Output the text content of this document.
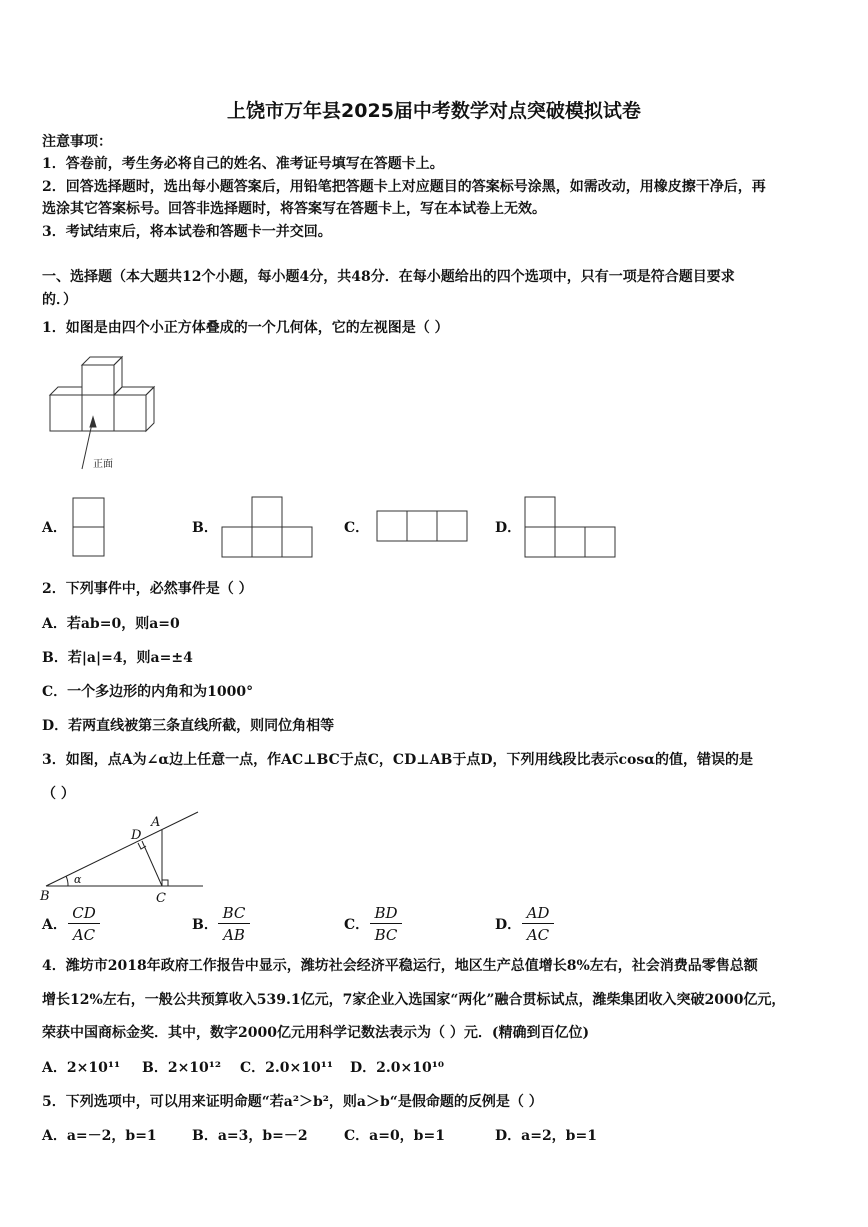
上饶市万年县2025届中考数学对点突破模拟试卷
注意事项：
1．答卷前，考生务必将自己的姓名、准考证号填写在答题卡上。
2．回答选择题时，选出每小题答案后，用铅笔把答题卡上对应题目的答案标号涂黑，如需改动，用橡皮擦干净后，再
选涂其它答案标号。回答非选择题时，将答案写在答题卡上，写在本试卷上无效。
3．考试结束后，将本试卷和答题卡一并交回。
一、选择题（本大题共12个小题，每小题4分，共48分．在每小题给出的四个选项中，只有一项是符合题目要求
的．）
1．如图是由四个小正方体叠成的一个几何体，它的左视图是（ ）
正面
A．	B．	C．	D．
2．下列事件中，必然事件是（ ）
A．若ab=0，则a=0
B．若|a|=4，则a=±4
C．一个多边形的内角和为1000°
D．若两直线被第三条直线所截，则同位角相等
3．如图，点A为∠α边上任意一点，作AC⊥BC于点C，CD⊥AB于点D，下列用线段比表示cosα的值，错误的是
（ ）
B
A
D
C
α
A． $\frac{CD}{AC}$	B． $\frac{BC}{AB}$	C． $\frac{BD}{BC}$	D． $\frac{AD}{AC}$
4．潍坊市2018年政府工作报告中显示，潍坊社会经济平稳运行，地区生产总值增长8%左右，社会消费品零售总额
增长12%左右，一般公共预算收入539.1亿元，7家企业入选国家“两化”融合贯标试点，潍柴集团收入突破2000亿元，
荣获中国商标金奖．其中，数字2000亿元用科学记数法表示为（ ）元．(精确到百亿位)
A．2×10¹¹ B．2×10¹² C．2.0×10¹¹ D．2.0×10¹⁰
5．下列选项中，可以用来证明命题“若a²＞b²，则a＞b“是假命题的反例是（ ）
A．a=－2，b=1	B．a=3，b=－2	C．a=0，b=1	D．a=2，b=1
